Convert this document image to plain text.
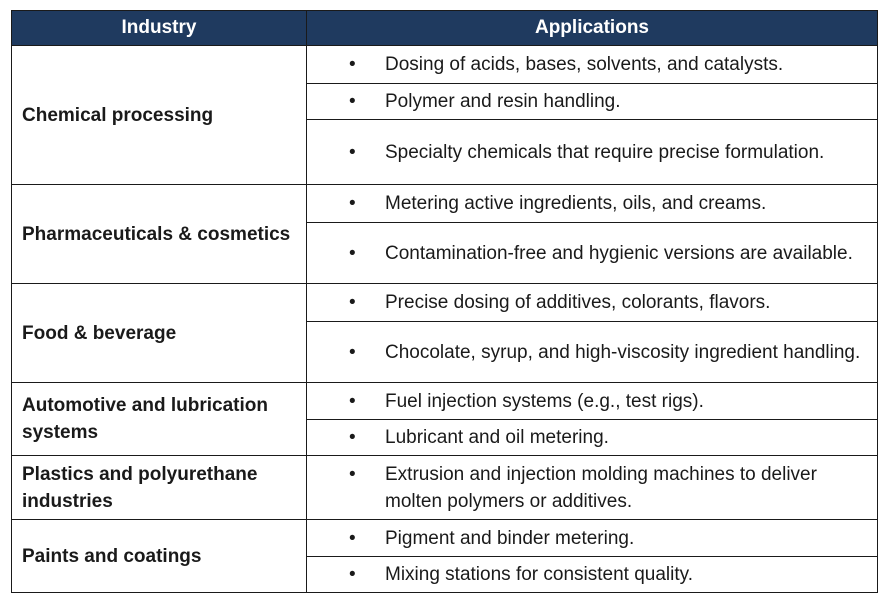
Industry	Applications
Chemical processing	• Dosing of acids, bases, solvents, and catalysts.

	• Polymer and resin handling.

	• Specialty chemicals that require precise formulation.

Pharmaceuticals & cosmetics	• Metering active ingredients, oils, and creams.

	• Contamination-free and hygienic versions are available.

Food & beverage	• Precise dosing of additives, colorants, flavors.

	• Chocolate, syrup, and high-viscosity ingredient handling.

Automotive and lubrication systems	• Fuel injection systems (e.g., test rigs).

	• Lubricant and oil metering.

Plastics and polyurethane industries	• Extrusion and injection molding machines to deliver molten polymers or additives.

Paints and coatings	• Pigment and binder metering.

	• Mixing stations for consistent quality.
